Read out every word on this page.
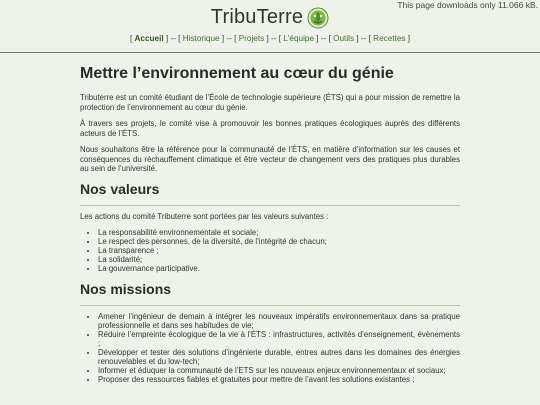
This page downloads only 11.066 kB.
TribuTerre
[ Accueil ] -- [ Historique ] -- [ Projets ] -- [ L'équipe ] -- [ Outils ] -- [ Recettes ]
Mettre l’environnement au cœur du génie

Tributerre est un comité étudiant de l’École de technologie supérieure (ÉTS) qui a pour mission de remettre la protection de l’environnement au cœur du génie.

À travers ses projets, le comité vise à promouvoir les bonnes pratiques écologiques auprès des différents acteurs de l’ÉTS.

Nous souhaitons être la référence pour la communauté de l’ÉTS, en matière d’information sur les causes et conséquences du réchauffement climatique et être vecteur de changement vers des pratiques plus durables au sein de l’université.

Nos valeurs

Les actions du comité Tributerre sont portées par les valeurs suivantes :

• La responsabilité environnementale et sociale;
• Le respect des personnes, de la diversité, de l’intégrité de chacun;
• La transparence ;
• La solidarité;
• La gouvernance participative.
Nos missions
• Amener l’ingénieur de demain à intégrer les nouveaux impératifs environnementaux dans sa pratique professionnelle et dans ses habitudes de vie;
• Réduire l’empreinte écologique de la vie à l’ÉTS : infrastructures, activités d’enseignement, évènements ;
• Développer et tester des solutions d’ingénierie durable, entres autres dans les domaines des énergies renouvelables et du low-tech;
• Informer et éduquer la communauté de l’ETS sur les nouveaux enjeux environnementaux et sociaux;
• Proposer des ressources fiables et gratuites pour mettre de l’avant les solutions existantes ;
